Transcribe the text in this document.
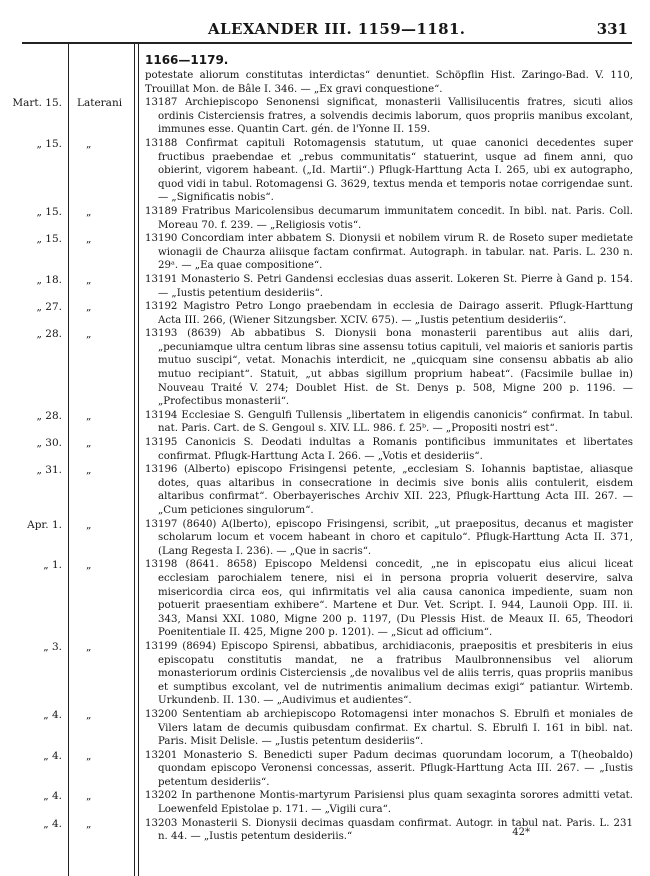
ALEXANDER III. 1159—1181.	331
Mart. 15. Laterani
„ 15. „
„ 15. „
„ 15. „
„ 18. „
„ 27. „
„ 28. „
„ 28. „
„ 30. „
„ 31. „
Apr. 1. „
„ 1. „
„ 3. „
„ 4. „
„ 4. „
„ 4. „
„ 4. „
1166—1179.

potestate aliorum constitutas interdictas“ denuntiet. Schöpflin Hist. Zaringo-Bad. V. 110, Trouillat Mon. de Bâle I. 346. — „Ex gravi conquestione“.

13187 Archiepiscopo Senonensi significat, monasterii Vallisilucentis fratres, sicuti alios ordinis Cisterciensis fratres, a solvendis decimis laborum, quos propriis manibus excolant, immunes esse. Quantin Cart. gén. de l'Yonne II. 159.

13188 Confirmat capituli Rotomagensis statutum, ut quae canonici decedentes super fructibus praebendae et „rebus communitatis“ statuerint, usque ad finem anni, quo obierint, vigorem habeant. („Id. Martii“.) Pflugk-Harttung Acta I. 265, ubi ex autographo, quod vidi in tabul. Rotomagensi G. 3629, textus menda et temporis notae corrigendae sunt. — „Significatis nobis“.

13189 Fratribus Maricolensibus decumarum immunitatem concedit. In bibl. nat. Paris. Coll. Moreau 70. f. 239. — „Religiosis votis“.

13190 Concordiam inter abbatem S. Dionysii et nobilem virum R. de Roseto super medietate wionagii de Chaurza aliisque factam confirmat. Autograph. in tabular. nat. Paris. L. 230 n. 29ᵃ. — „Ea quae compositione“.

13191 Monasterio S. Petri Gandensi ecclesias duas asserit. Lokeren St. Pierre à Gand p. 154. — „Iustis petentium desideriis“.

13192 Magistro Petro Longo praebendam in ecclesia de Dairago asserit. Pflugk-Harttung Acta III. 266, (Wiener Sitzungsber. XCIV. 675). — „Iustis petentium desideriis“.

13193 (8639) Ab abbatibus S. Dionysii bona monasterii parentibus aut aliis dari, „pecuniamque ultra centum libras sine assensu totius capituli, vel maioris et sanioris partis mutuo suscipi“, vetat. Monachis interdicit, ne „quicquam sine consensu abbatis ab alio mutuo recipiant“. Statuit, „ut abbas sigillum proprium habeat“. (Facsimile bullae in) Nouveau Traité V. 274; Doublet Hist. de St. Denys p. 508, Migne 200 p. 1196. — „Profectibus monasterii“.

13194 Ecclesiae S. Gengulfi Tullensis „libertatem in eligendis canonicis“ confirmat. In tabul. nat. Paris. Cart. de S. Gengoul s. XIV. LL. 986. f. 25ᵇ. — „Propositi nostri est“.

13195 Canonicis S. Deodati indultas a Romanis pontificibus immunitates et libertates confirmat. Pflugk-Harttung Acta I. 266. — „Votis et desideriis“.

13196 (Alberto) episcopo Frisingensi petente, „ecclesiam S. Iohannis baptistae, aliasque dotes, quas altaribus in consecratione in decimis sive bonis aliis contulerit, eisdem altaribus confirmat“. Oberbayerisches Archiv XII. 223, Pflugk-Harttung Acta III. 267. — „Cum peticiones singulorum“.

13197 (8640) A(lberto), episcopo Frisingensi, scribit, „ut praepositus, decanus et magister scholarum locum et vocem habeant in choro et capitulo“. Pflugk-Harttung Acta II. 371, (Lang Regesta I. 236). — „Que in sacris“.

13198 (8641. 8658) Episcopo Meldensi concedit, „ne in episcopatu eius alicui liceat ecclesiam parochialem tenere, nisi ei in persona propria voluerit deservire, salva misericordia circa eos, qui infirmitatis vel alia causa canonica impediente, suam non potuerit praesentiam exhibere“. Martene et Dur. Vet. Script. I. 944, Launoii Opp. III. ii. 343, Mansi XXI. 1080, Migne 200 p. 1197, (Du Plessis Hist. de Meaux II. 65, Theodori Poenitentiale II. 425, Migne 200 p. 1201). — „Sicut ad officium“.

13199 (8694) Episcopo Spirensi, abbatibus, archidiaconis, praepositis et presbiteris in eius episcopatu constitutis mandat, ne a fratribus Maulbronnensibus vel aliorum monasteriorum ordinis Cisterciensis „de novalibus vel de aliis terris, quas propriis manibus et sumptibus excolant, vel de nutrimentis animalium decimas exigi“ patiantur. Wirtemb. Urkundenb. II. 130. — „Audivimus et audientes“.

13200 Sententiam ab archiepiscopo Rotomagensi inter monachos S. Ebrulfi et moniales de Vilers latam de decumis quibusdam confirmat. Ex chartul. S. Ebrulfi I. 161 in bibl. nat. Paris. Misit Delisle. — „Iustis petentum desideriis“.

13201 Monasterio S. Benedicti super Padum decimas quorundam locorum, a T(heobaldo) quondam episcopo Veronensi concessas, asserit. Pflugk-Harttung Acta III. 267. — „Iustis petentum desideriis“.

13202 In parthenone Montis-martyrum Parisiensi plus quam sexaginta sorores admitti vetat. Loewenfeld Epistolae p. 171. — „Vigili cura“.

13203 Monasterii S. Dionysii decimas quasdam confirmat. Autogr. in tabul nat. Paris. L. 231 n. 44. — „Iustis petentum desideriis.“	42*
